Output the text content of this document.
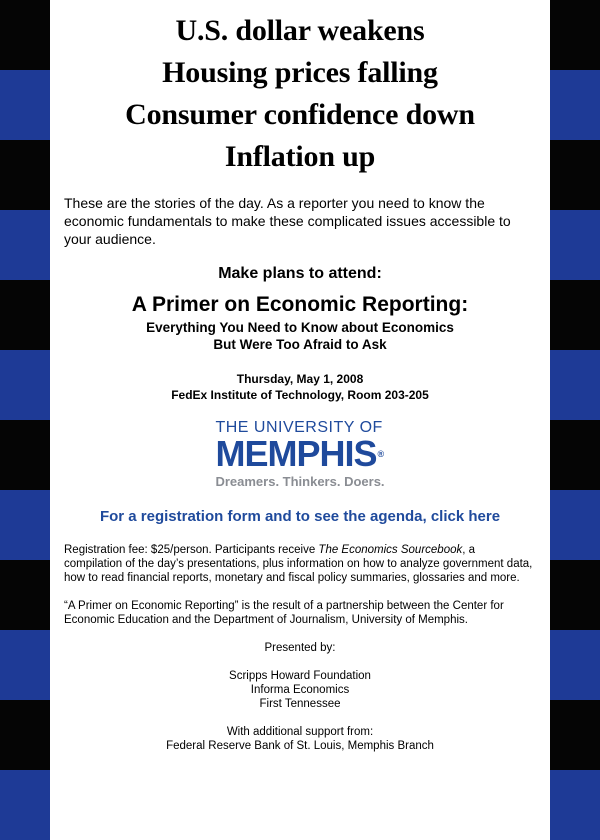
U.S. dollar weakens
Housing prices falling
Consumer confidence down
Inflation up

These are the stories of the day. As a reporter you need to know the economic fundamentals to make these complicated issues accessible to your audience.

Make plans to attend:
A Primer on Economic Reporting:
Everything You Need to Know about Economics
But Were Too Afraid to Ask
Thursday, May 1, 2008
FedEx Institute of Technology, Room 203-205
THE UNIVERSITY OF
MEMPHIS®
Dreamers. Thinkers. Doers.
For a registration form and to see the agenda, click here

Registration fee: $25/person. Participants receive The Economics Sourcebook, a compilation of the day’s presentations, plus information on how to analyze government data, how to read financial reports, monetary and fiscal policy summaries, glossaries and more.

“A Primer on Economic Reporting” is the result of a partnership between the Center for Economic Education and the Department of Journalism, University of Memphis.

Presented by:
Scripps Howard Foundation
Informa Economics
First Tennessee
With additional support from:
Federal Reserve Bank of St. Louis, Memphis Branch
